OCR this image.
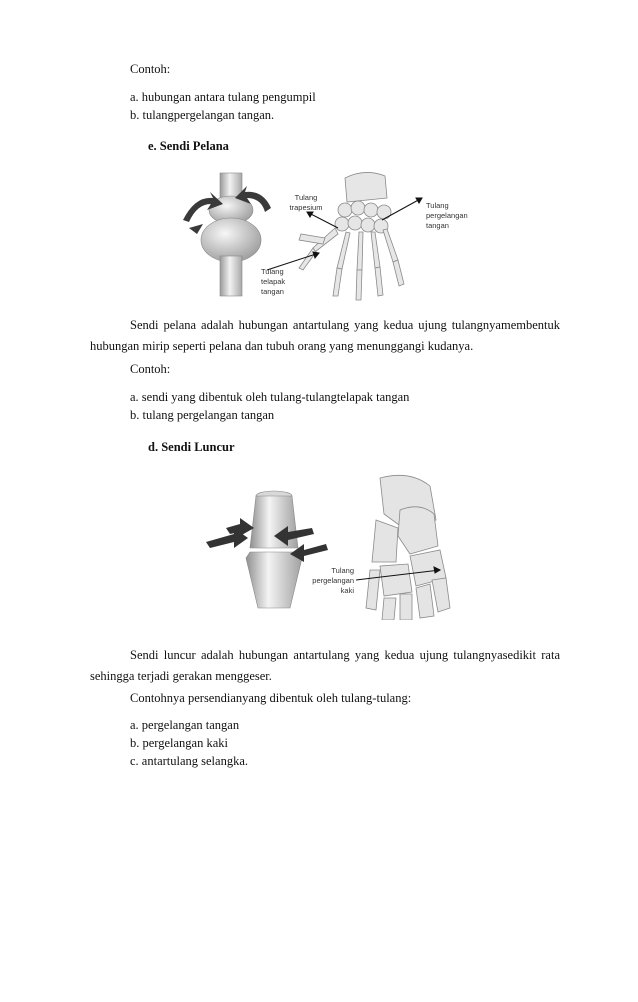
Contoh:
a. hubungan antara tulang pengumpil
b. tulangpergelangan tangan.
e. Sendi Pelana
Tulang
trapesium	Tulang
pergelangan
tangan
Tulang
telapak
tangan
Sendi pelana adalah hubungan antartulang yang kedua ujung tulangnyamembentuk hubungan mirip seperti pelana dan tubuh orang yang menunggangi kudanya.
Contoh:
a. sendi yang dibentuk oleh tulang-tulangtelapak tangan
b. tulang pergelangan tangan
d. Sendi Luncur
Tulang
pergelangan
kaki
Sendi luncur adalah hubungan antartulang yang kedua ujung tulangnyasedikit rata sehingga terjadi gerakan menggeser.
Contohnya persendianyang dibentuk oleh tulang-tulang:
a. pergelangan tangan
b. pergelangan kaki
c. antartulang selangka.
